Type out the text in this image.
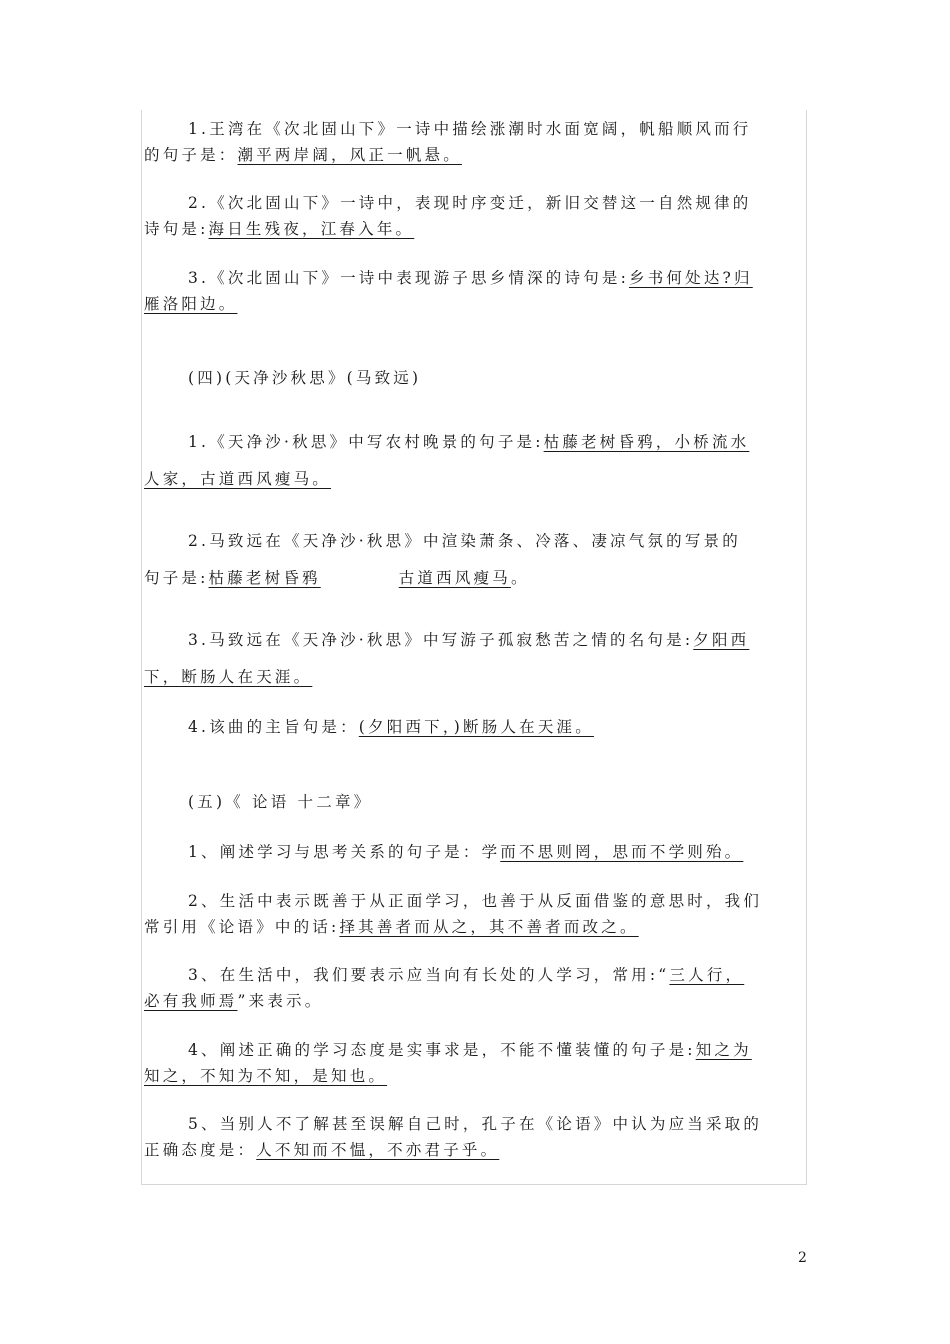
1.王湾在《次北固山下》一诗中描绘涨潮时水面宽阔，帆船顺风而行
的句子是：潮平两岸阔，风正一帆悬。
2.《次北固山下》一诗中，表现时序变迁，新旧交替这一自然规律的
诗句是:海日生残夜，江春入年。
3.《次北固山下》一诗中表现游子思乡情深的诗句是:乡书何处达?归
雁洛阳边。
(四)(天净沙秋思》(马致远)
1.《天净沙·秋思》中写农村晚景的句子是:枯藤老树昏鸦，小桥流水
人家，古道西风瘦马。
2.马致远在《天净沙·秋思》中渲染萧条、冷落、凄凉气氛的写景的
句子是:枯藤老树昏鸦	古道西风瘦马。
3.马致远在《天净沙·秋思》中写游子孤寂愁苦之情的名句是:夕阳西
下，断肠人在天涯。
4.该曲的主旨句是：(夕阳西下，)断肠人在天涯。
(五)《 论语 十二章》
1、阐述学习与思考关系的句子是：学而不思则罔，思而不学则殆。
2、生活中表示既善于从正面学习，也善于从反面借鉴的意思时，我们
常引用《论语》中的话:择其善者而从之，其不善者而改之。
3、在生活中，我们要表示应当向有长处的人学习，常用:“三人行，
必有我师焉”来表示。
4、阐述正确的学习态度是实事求是，不能不懂装懂的句子是:知之为
知之，不知为不知，是知也。
5、当别人不了解甚至误解自己时，孔子在《论语》中认为应当采取的
正确态度是：人不知而不愠，不亦君子乎。
2
